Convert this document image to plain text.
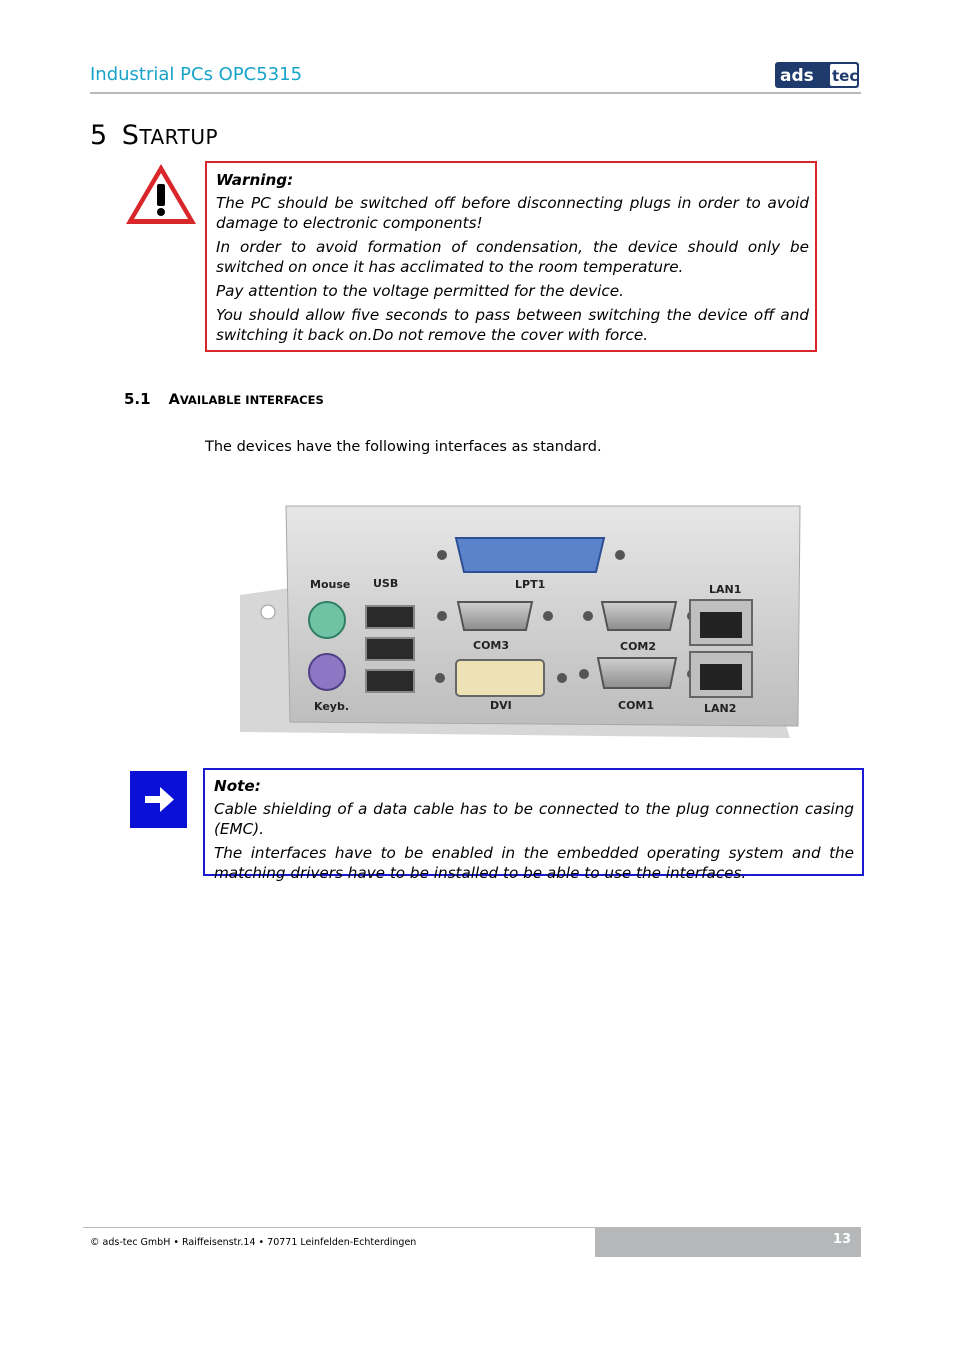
Industrial PCs OPC5315	ads tec
5 STARTUP
Warning:

The PC should be switched off before disconnecting plugs in order to avoid damage to electronic components!

In order to avoid formation of condensation, the device should only be switched on once it has acclimated to the room temperature.

Pay attention to the voltage permitted for the device.

You should allow five seconds to pass between switching the device off and switching it back on.Do not remove the cover with force.

5.1 AVAILABLE INTERFACES
The devices have the following interfaces as standard.
Mouse USB	LPT1	LAN1
COM3	COM2
Keyb.	DVI	COM1	LAN2
Note:

Cable shielding of a data cable has to be connected to the plug connection casing (EMC).

The interfaces have to be enabled in the embedded operating system and the matching drivers have to be installed to be able to use the interfaces.

© ads-tec GmbH • Raiffeisenstr.14 • 70771 Leinfelden-Echterdingen	13
